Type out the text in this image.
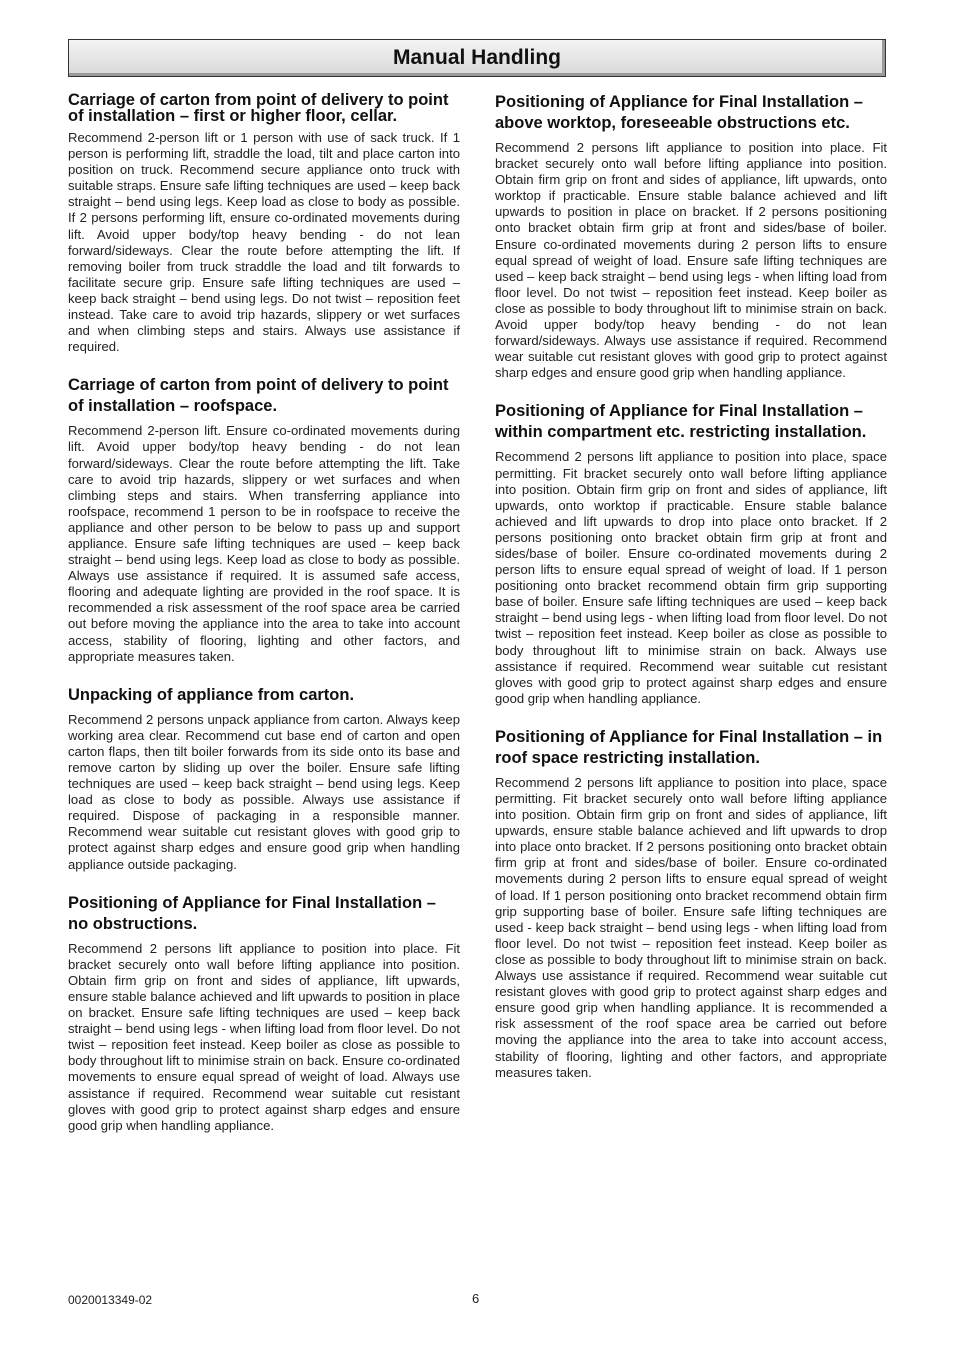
Manual Handling
Carriage of carton from point of delivery to point of installation – first or higher floor, cellar.

Recommend 2-person lift or 1 person with use of sack truck. If 1 person is performing lift, straddle the load, tilt and place carton into position on truck. Recommend secure appliance onto truck with suitable straps. Ensure safe lifting techniques are used – keep back straight – bend using legs. Keep load as close to body as possible. If 2 persons performing lift, ensure co-ordinated movements during lift. Avoid upper body/top heavy bending - do not lean forward/sideways. Clear the route before attempting the lift. If removing boiler from truck straddle the load and tilt forwards to facilitate secure grip. Ensure safe lifting techniques are used – keep back straight – bend using legs. Do not twist – reposition feet instead. Take care to avoid trip hazards, slippery or wet surfaces and when climbing steps and stairs. Always use assistance if required.

Carriage of carton from point of delivery to point of installation – roofspace.

Recommend 2-person lift. Ensure co-ordinated movements during lift. Avoid upper body/top heavy bending - do not lean forward/sideways. Clear the route before attempting the lift. Take care to avoid trip hazards, slippery or wet surfaces and when climbing steps and stairs. When transferring appliance into roofspace, recommend 1 person to be in roofspace to receive the appliance and other person to be below to pass up and support appliance. Ensure safe lifting techniques are used – keep back straight – bend using legs. Keep load as close to body as possible. Always use assistance if required. It is assumed safe access, flooring and adequate lighting are provided in the roof space. It is recommended a risk assessment of the roof space area be carried out before moving the appliance into the area to take into account access, stability of flooring, lighting and other factors, and appropriate measures taken.

Unpacking of appliance from carton.

Recommend 2 persons unpack appliance from carton. Always keep working area clear. Recommend cut base end of carton and open carton flaps, then tilt boiler forwards from its side onto its base and remove carton by sliding up over the boiler. Ensure safe lifting techniques are used – keep back straight – bend using legs. Keep load as close to body as possible. Always use assistance if required. Dispose of packaging in a responsible manner. Recommend wear suitable cut resistant gloves with good grip to protect against sharp edges and ensure good grip when handling appliance outside packaging.

Positioning of Appliance for Final Installation – no obstructions.

Recommend 2 persons lift appliance to position into place. Fit bracket securely onto wall before lifting appliance into position. Obtain firm grip on front and sides of appliance, lift upwards, ensure stable balance achieved and lift upwards to position in place on bracket. Ensure safe lifting techniques are used – keep back straight – bend using legs - when lifting load from floor level. Do not twist – reposition feet instead. Keep boiler as close as possible to body throughout lift to minimise strain on back. Ensure co-ordinated movements to ensure equal spread of weight of load. Always use assistance if required. Recommend wear suitable cut resistant gloves with good grip to protect against sharp edges and ensure good grip when handling appliance.

Positioning of Appliance for Final Installation – above worktop, foreseeable obstructions etc.

Recommend 2 persons lift appliance to position into place. Fit bracket securely onto wall before lifting appliance into position. Obtain firm grip on front and sides of appliance, lift upwards, onto worktop if practicable. Ensure stable balance achieved and lift upwards to position in place on bracket. If 2 persons positioning onto bracket obtain firm grip at front and sides/base of boiler. Ensure co-ordinated movements during 2 person lifts to ensure equal spread of weight of load. Ensure safe lifting techniques are used – keep back straight – bend using legs - when lifting load from floor level. Do not twist – reposition feet instead. Keep boiler as close as possible to body throughout lift to minimise strain on back. Avoid upper body/top heavy bending - do not lean forward/sideways. Always use assistance if required. Recommend wear suitable cut resistant gloves with good grip to protect against sharp edges and ensure good grip when handling appliance.

Positioning of Appliance for Final Installation – within compartment etc. restricting installation.

Recommend 2 persons lift appliance to position into place, space permitting. Fit bracket securely onto wall before lifting appliance into position. Obtain firm grip on front and sides of appliance, lift upwards, onto worktop if practicable. Ensure stable balance achieved and lift upwards to drop into place onto bracket. If 2 persons positioning onto bracket obtain firm grip at front and sides/base of boiler. Ensure co-ordinated movements during 2 person lifts to ensure equal spread of weight of load. If 1 person positioning onto bracket recommend obtain firm grip supporting base of boiler. Ensure safe lifting techniques are used – keep back straight – bend using legs - when lifting load from floor level. Do not twist – reposition feet instead. Keep boiler as close as possible to body throughout lift to minimise strain on back. Always use assistance if required. Recommend wear suitable cut resistant gloves with good grip to protect against sharp edges and ensure good grip when handling appliance.

Positioning of Appliance for Final Installation – in roof space restricting installation.

Recommend 2 persons lift appliance to position into place, space permitting. Fit bracket securely onto wall before lifting appliance into position. Obtain firm grip on front and sides of appliance, lift upwards, ensure stable balance achieved and lift upwards to drop into place onto bracket. If 2 persons positioning onto bracket obtain firm grip at front and sides/base of boiler. Ensure co-ordinated movements during 2 person lifts to ensure equal spread of weight of load. If 1 person positioning onto bracket recommend obtain firm grip supporting base of boiler. Ensure safe lifting techniques are used - keep back straight – bend using legs - when lifting load from floor level. Do not twist – reposition feet instead. Keep boiler as close as possible to body throughout lift to minimise strain on back. Always use assistance if required. Recommend wear suitable cut resistant gloves with good grip to protect against sharp edges and ensure good grip when handling appliance. It is recommended a risk assessment of the roof space area be carried out before moving the appliance into the area to take into account access, stability of flooring, lighting and other factors, and appropriate measures taken.

0020013349-02	6
